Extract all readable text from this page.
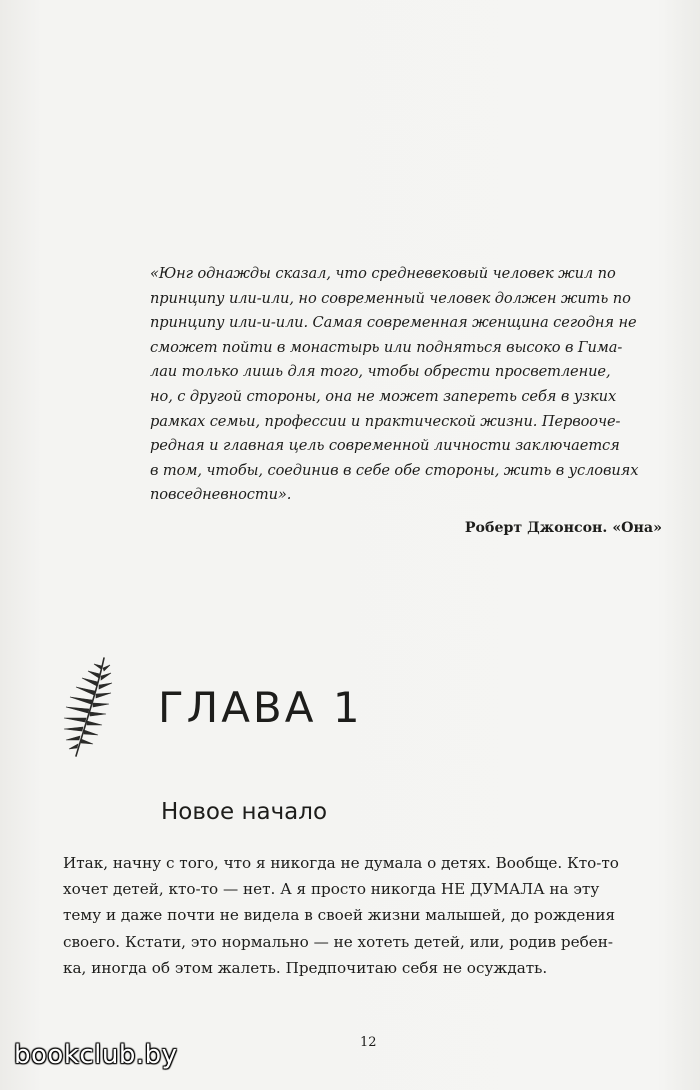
«Юнг однажды сказал, что средневековый человек жил по
принципу или-или, но современный человек должен жить по
принципу или-и-или. Самая современная женщина сегодня не
сможет пойти в монастырь или подняться высоко в Гима-
лаи только лишь для того, чтобы обрести просветление,
но, с другой стороны, она не может запереть себя в узких
рамках семьи, профессии и практической жизни. Первооче-
редная и главная цель современной личности заключается
в том, чтобы, соединив в себе обе стороны, жить в условиях
повседневности».
Роберт Джонсон. «Она»
ГЛАВА 1
Новое начало
Итак, начну с того, что я никогда не думала о детях. Вообще. Кто-то
хочет детей, кто-то — нет. А я просто никогда НЕ ДУМАЛА на эту
тему и даже почти не видела в своей жизни малышей, до рождения
своего. Кстати, это нормально — не хотеть детей, или, родив ребен-
ка, иногда об этом жалеть. Предпочитаю себя не осуждать.
12
bookclub.by
